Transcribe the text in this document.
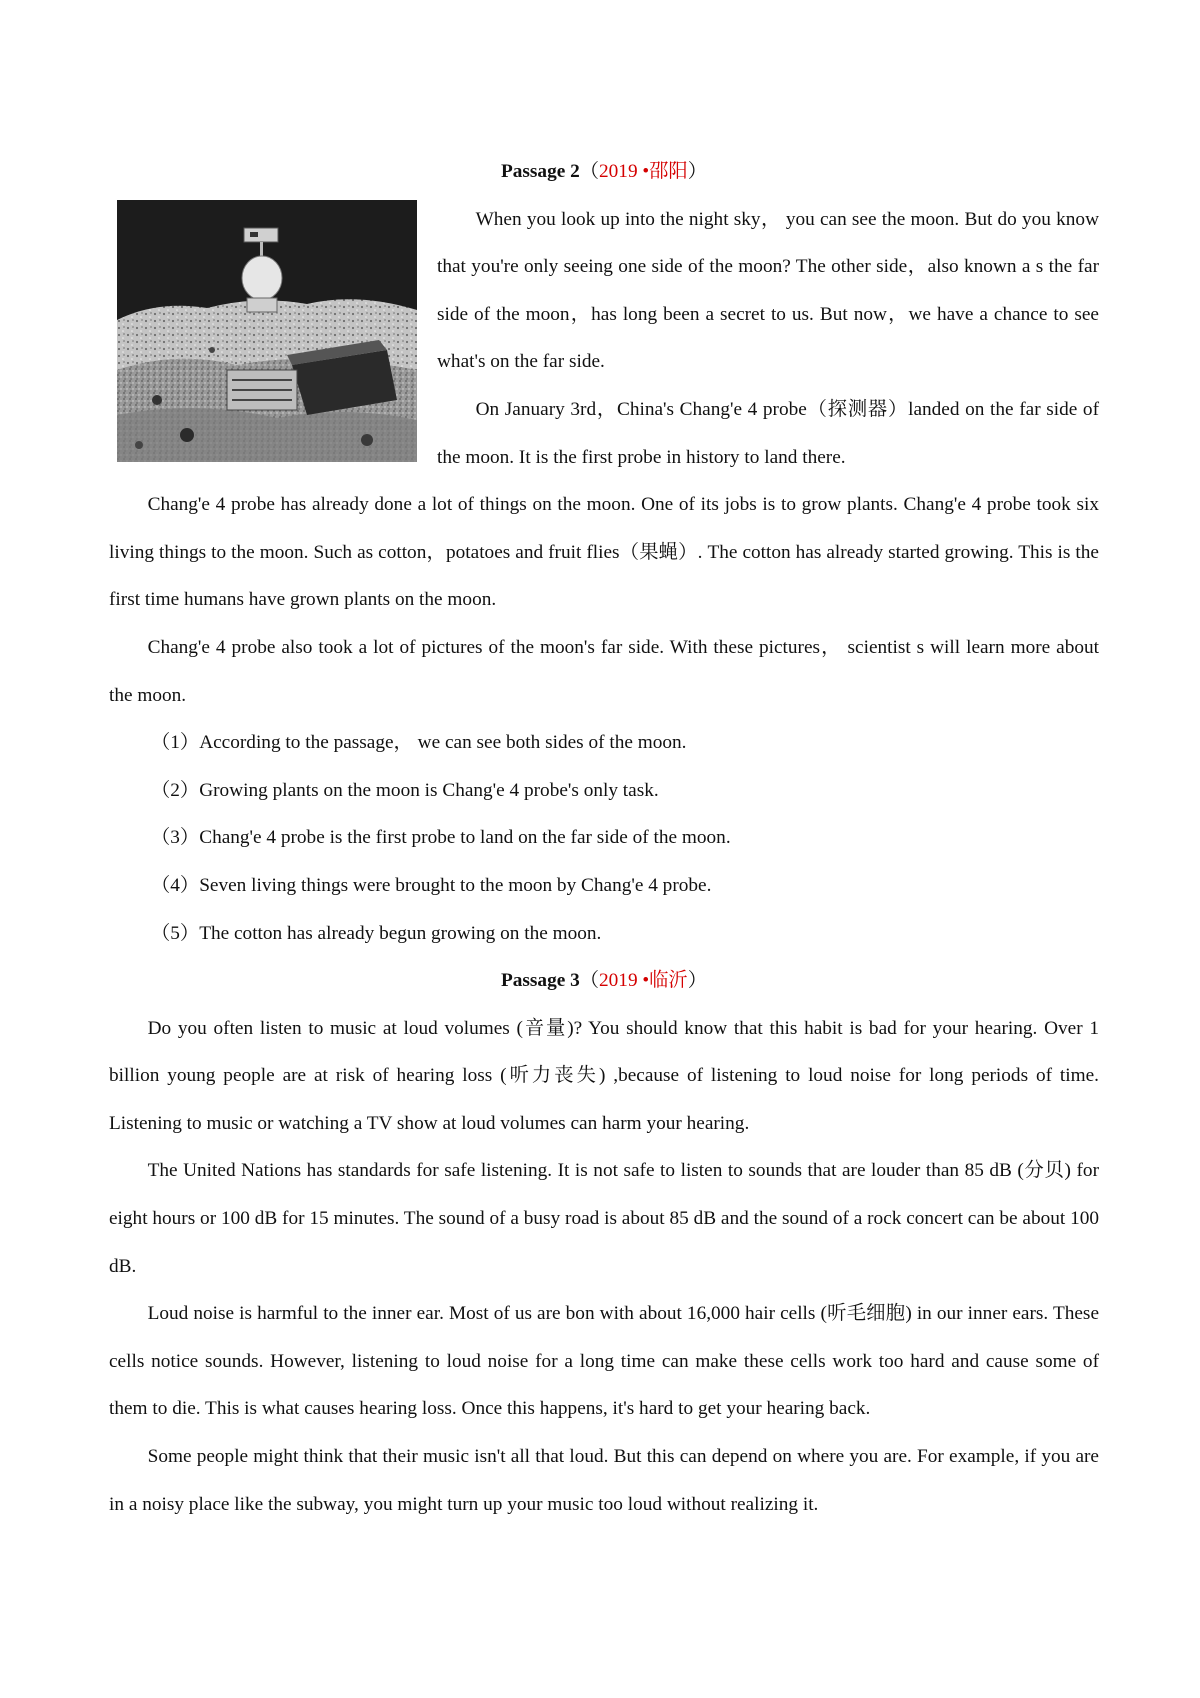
Passage 2（2019 •邵阳）

When you look up into the night sky， you can see the moon. But do you know that you're only seeing one side of the moon? The other side，also known a s the far side of the moon，has long been a secret to us. But now，we have a chance to see what's on the far side.

On January 3rd，China's Chang'e 4 probe（探测器）landed on the far side of the moon. It is the first probe in history to land there.

Chang'e 4 probe has already done a lot of things on the moon. One of its jobs is to grow plants. Chang'e 4 probe took six living things to the moon. Such as cotton，potatoes and fruit flies（果蝇）. The cotton has already started growing. This is the first time humans have grown plants on the moon.

Chang'e 4 probe also took a lot of pictures of the moon's far side. With these pictures， scientist s will learn more about the moon.

（1）According to the passage， we can see both sides of the moon.

（2）Growing plants on the moon is Chang'e 4 probe's only task.

（3）Chang'e 4 probe is the first probe to land on the far side of the moon.

（4）Seven living things were brought to the moon by Chang'e 4 probe.

（5）The cotton has already begun growing on the moon.

Passage 3（2019 •临沂）

Do you often listen to music at loud volumes (音量)? You should know that this habit is bad for your hearing. Over 1 billion young people are at risk of hearing loss (听力丧失) ,because of listening to loud noise for long periods of time. Listening to music or watching a TV show at loud volumes can harm your hearing.

The United Nations has standards for safe listening. It is not safe to listen to sounds that are louder than 85 dB (分贝) for eight hours or 100 dB for 15 minutes. The sound of a busy road is about 85 dB and the sound of a rock concert can be about 100 dB.

Loud noise is harmful to the inner ear. Most of us are bon with about 16,000 hair cells (听毛细胞) in our inner ears. These cells notice sounds. However, listening to loud noise for a long time can make these cells work too hard and cause some of them to die. This is what causes hearing loss. Once this happens, it's hard to get your hearing back.

Some people might think that their music isn't all that loud. But this can depend on where you are. For example, if you are in a noisy place like the subway, you might turn up your music too loud without realizing it.
